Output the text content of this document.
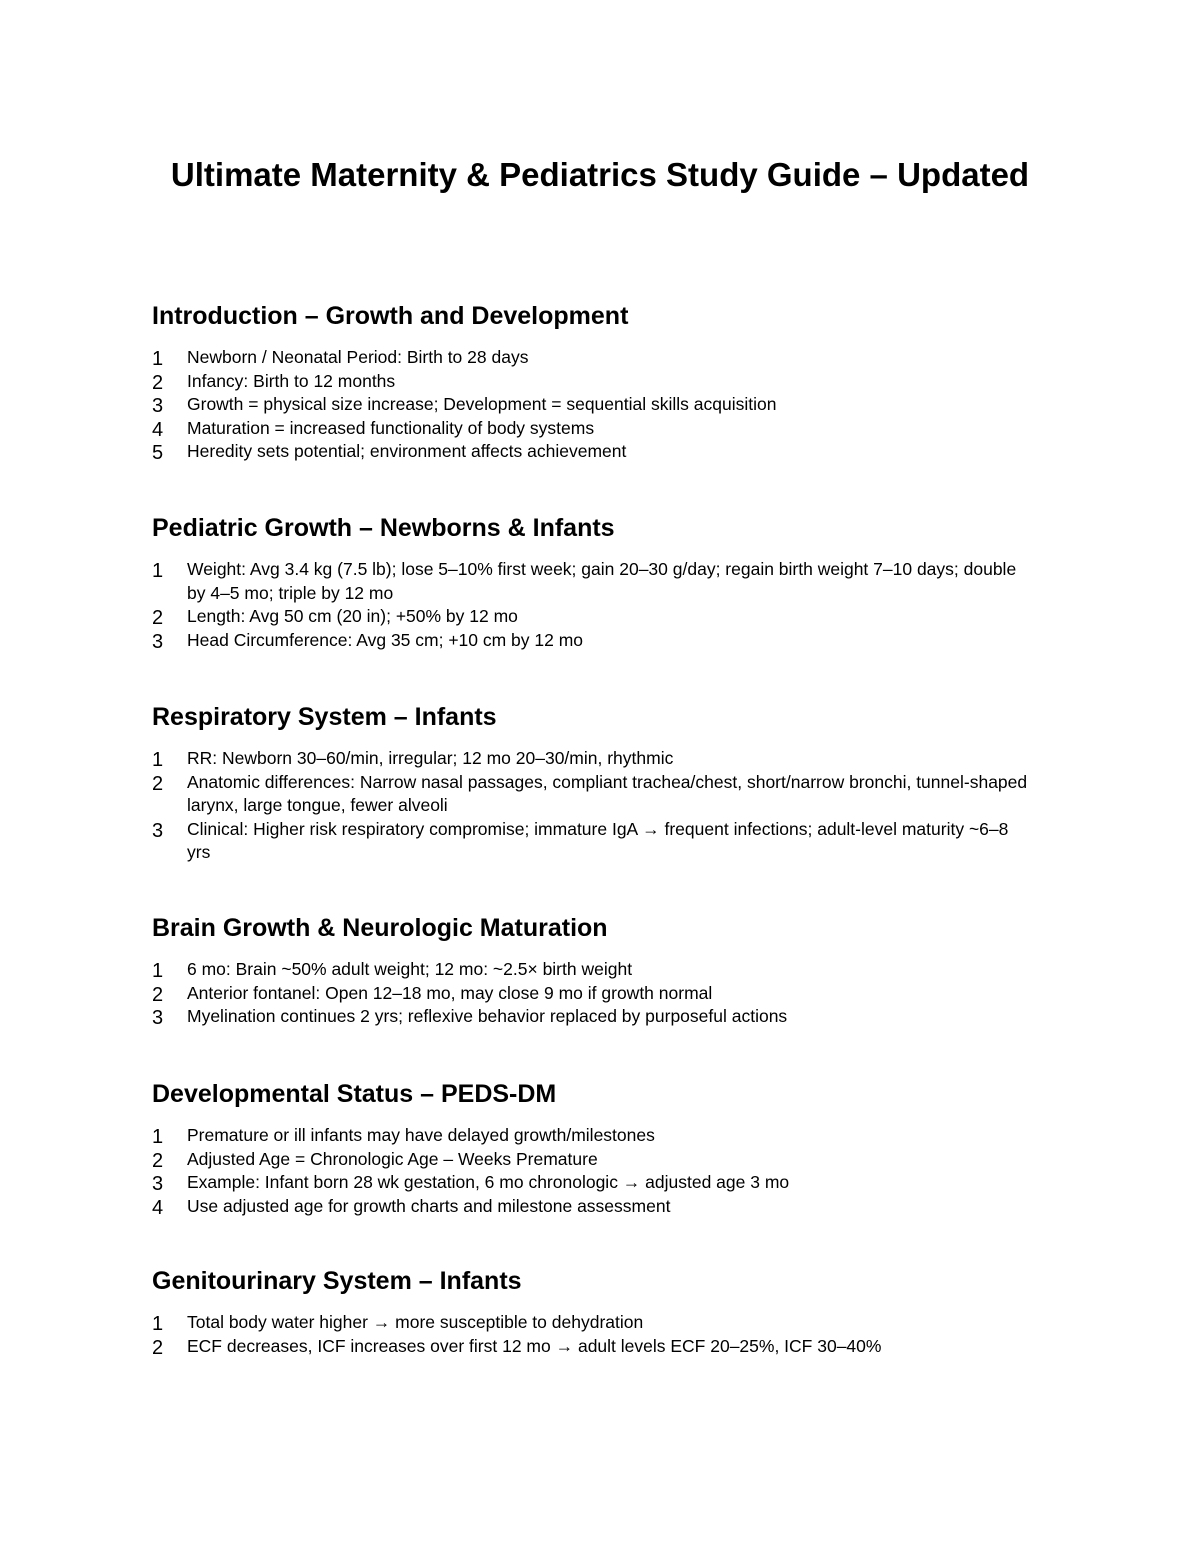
Ultimate Maternity & Pediatrics Study Guide – Updated
Introduction – Growth and Development
1 Newborn / Neonatal Period: Birth to 28 days
2 Infancy: Birth to 12 months
3 Growth = physical size increase; Development = sequential skills acquisition
4 Maturation = increased functionality of body systems
5 Heredity sets potential; environment affects achievement
Pediatric Growth – Newborns & Infants
1 Weight: Avg 3.4 kg (7.5 lb); lose 5–10% first week; gain 20–30 g/day; regain birth weight 7–10 days; double by 4–5 mo; triple by 12 mo
2 Length: Avg 50 cm (20 in); +50% by 12 mo
3 Head Circumference: Avg 35 cm; +10 cm by 12 mo
Respiratory System – Infants
1 RR: Newborn 30–60/min, irregular; 12 mo 20–30/min, rhythmic
2 Anatomic differences: Narrow nasal passages, compliant trachea/chest, short/narrow bronchi, tunnel-shaped larynx, large tongue, fewer alveoli
3 Clinical: Higher risk respiratory compromise; immature IgA → frequent infections; adult-level maturity ~6–8 yrs
Brain Growth & Neurologic Maturation
1 6 mo: Brain ~50% adult weight; 12 mo: ~2.5× birth weight
2 Anterior fontanel: Open 12–18 mo, may close 9 mo if growth normal
3 Myelination continues 2 yrs; reflexive behavior replaced by purposeful actions
Developmental Status – PEDS-DM
1 Premature or ill infants may have delayed growth/milestones
2 Adjusted Age = Chronologic Age – Weeks Premature
3 Example: Infant born 28 wk gestation, 6 mo chronologic → adjusted age 3 mo
4 Use adjusted age for growth charts and milestone assessment
Genitourinary System – Infants
1 Total body water higher → more susceptible to dehydration
2 ECF decreases, ICF increases over first 12 mo → adult levels ECF 20–25%, ICF 30–40%
